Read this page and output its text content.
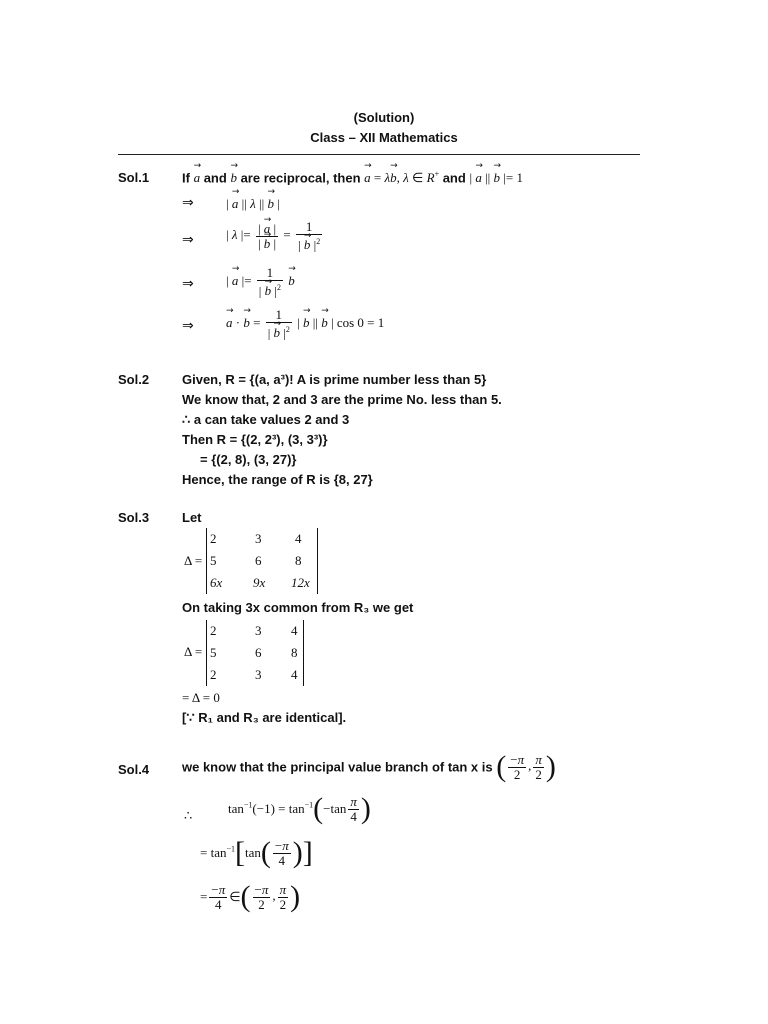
(Solution)
Class – XII Mathematics
Sol.1	If → a and → b are reciprocal, then → a = λ→ b, λ ∈ R+ and | → a || → b |= 1
⇒ | → a || λ || → b |
⇒ | λ |= $\frac{| \to a |}{| \to b |} = \frac{1}{| \to b |^2}$
⇒ | → a |= $\frac{1}{| \to b |^2}$
→ b
⇒
→ a · → $b = \frac{1}{| \to b |^2}$ | → b || → b | cos 0 = 1
Sol.2	Given, R = {(a, a³)! A is prime number less than 5}
We know that, 2 and 3 are the prime No. less than 5.
∴ a can take values 2 and 3
Then R = {(2, 2³), (3, 3³)}
= {(2, 8), (3, 27)}
Hence, the range of R is {8, 27}
Sol.3	Let
Δ =
2	3	4
5	6	8
6x 9x 12x
On taking 3x common from R₃ we get
Δ =
2	3 4
5	6 8
2	3 4
= Δ = 0
[∵ R₁ and R₃ are identical].
Sol.4	we know that the principal value branch of tan x is ( $\frac{-\pi}{2}$ , $\frac{\pi}{2}$ )
∴	$\tan^{-1}(-1) = \tan^{-1}(-\tan \frac{\pi}{4}$ )
= $\tan^{-1}[\tan( \frac{-\pi}{4}$ )]
= $\frac{-\pi}{4}$ ∈( $\frac{-\pi}{2}$ , $\frac{\pi}{2}$ )
